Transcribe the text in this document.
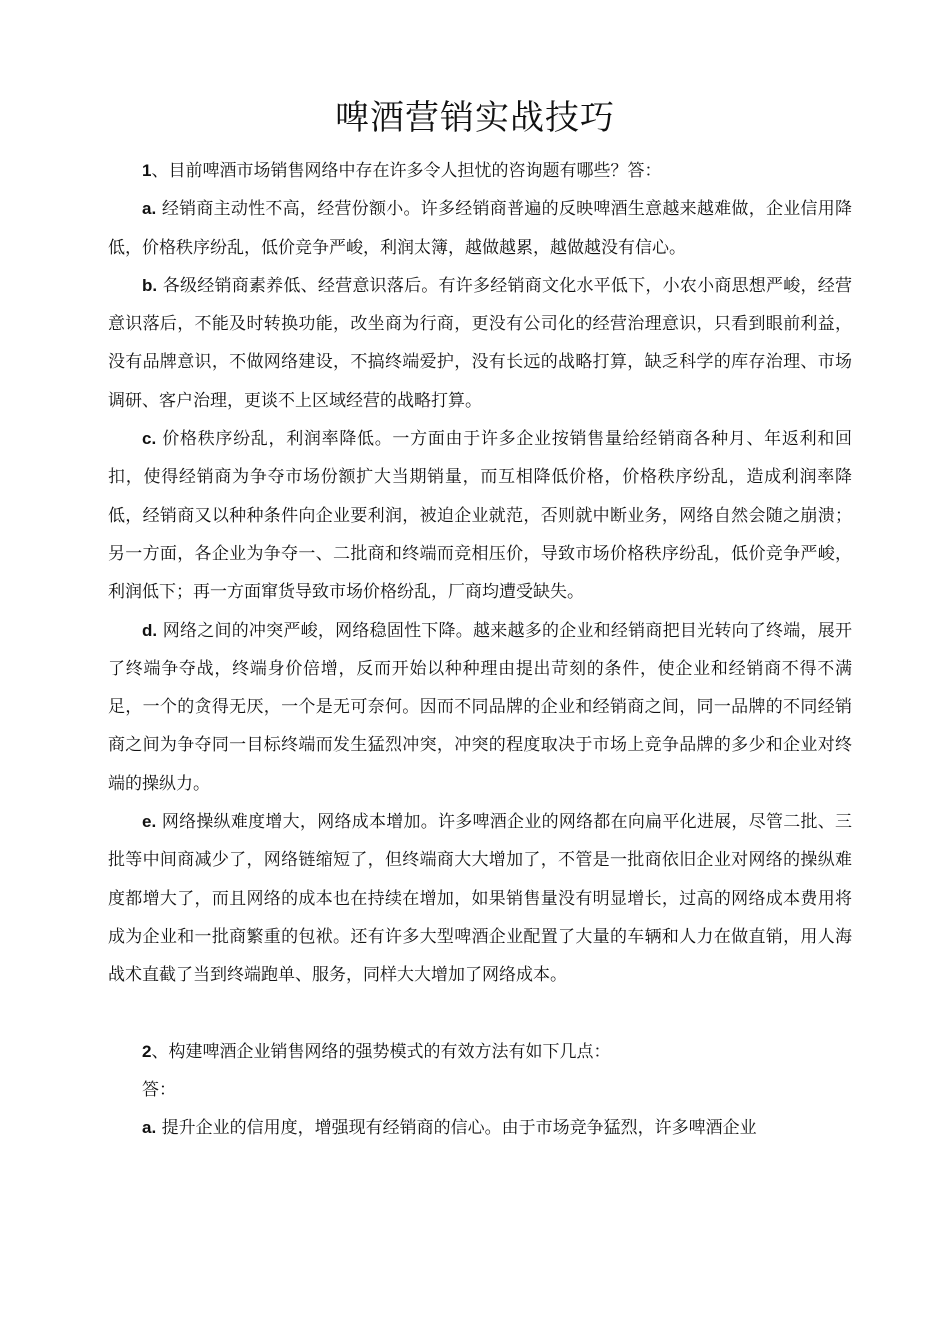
啤酒营销实战技巧

1、目前啤酒市场销售网络中存在许多令人担忧的咨询题有哪些？答：

a. 经销商主动性不高，经营份额小。许多经销商普遍的反映啤酒生意越来越难做，企业信用降低，价格秩序纷乱，低价竞争严峻，利润太簿，越做越累，越做越没有信心。

b. 各级经销商素养低、经营意识落后。有许多经销商文化水平低下，小农小商思想严峻，经营意识落后，不能及时转换功能，改坐商为行商，更没有公司化的经营治理意识，只看到眼前利益，没有品牌意识，不做网络建设，不搞终端爱护，没有长远的战略打算，缺乏科学的库存治理、市场调研、客户治理，更谈不上区域经营的战略打算。

c. 价格秩序纷乱，利润率降低。一方面由于许多企业按销售量给经销商各种月、年返利和回扣，使得经销商为争夺市场份额扩大当期销量，而互相降低价格，价格秩序纷乱，造成利润率降低，经销商又以种种条件向企业要利润，被迫企业就范，否则就中断业务，网络自然会随之崩溃；另一方面，各企业为争夺一、二批商和终端而竞相压价，导致市场价格秩序纷乱，低价竞争严峻，利润低下；再一方面窜货导致市场价格纷乱，厂商均遭受缺失。

d. 网络之间的冲突严峻，网络稳固性下降。越来越多的企业和经销商把目光转向了终端，展开了终端争夺战，终端身价倍增，反而开始以种种理由提出苛刻的条件，使企业和经销商不得不满足，一个的贪得无厌，一个是无可奈何。因而不同品牌的企业和经销商之间，同一品牌的不同经销商之间为争夺同一目标终端而发生猛烈冲突，冲突的程度取决于市场上竞争品牌的多少和企业对终端的操纵力。

e. 网络操纵难度增大，网络成本增加。许多啤酒企业的网络都在向扁平化进展，尽管二批、三批等中间商减少了，网络链缩短了，但终端商大大增加了，不管是一批商依旧企业对网络的操纵难度都增大了，而且网络的成本也在持续在增加，如果销售量没有明显增长，过高的网络成本费用将成为企业和一批商繁重的包袱。还有许多大型啤酒企业配置了大量的车辆和人力在做直销，用人海战术直截了当到终端跑单、服务，同样大大增加了网络成本。

2、构建啤酒企业销售网络的强势模式的有效方法有如下几点：

答：

a. 提升企业的信用度，增强现有经销商的信心。由于市场竞争猛烈，许多啤酒企业
